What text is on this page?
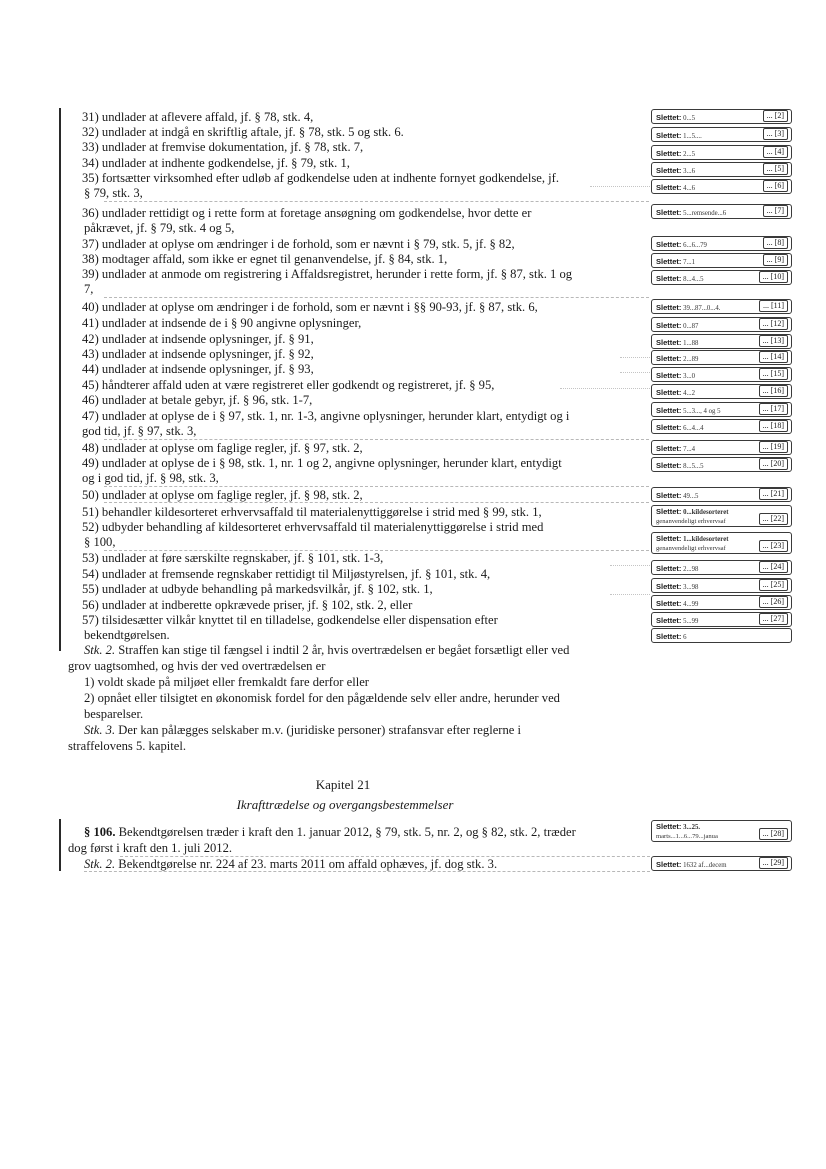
31) undlader at aflevere affald, jf. § 78, stk. 4,
32) undlader at indgå en skriftlig aftale, jf. § 78, stk. 5 og stk. 6.
33) undlader at fremvise dokumentation, jf. § 78, stk. 7,
34) undlader at indhente godkendelse, jf. § 79, stk. 1,
35) fortsætter virksomhed efter udløb af godkendelse uden at indhente fornyet godkendelse, jf.
§ 79, stk. 3,
36) undlader rettidigt og i rette form at foretage ansøgning om godkendelse, hvor dette er
påkrævet, jf. § 79, stk. 4 og 5,
37) undlader at oplyse om ændringer i de forhold, som er nævnt i § 79, stk. 5, jf. § 82,
38) modtager affald, som ikke er egnet til genanvendelse, jf. § 84, stk. 1,
39) undlader at anmode om registrering i Affaldsregistret, herunder i rette form, jf. § 87, stk. 1 og
7,
40) undlader at oplyse om ændringer i de forhold, som er nævnt i §§ 90-93, jf. § 87, stk. 6,
41) undlader at indsende de i § 90 angivne oplysninger,
42) undlader at indsende oplysninger, jf. § 91,
43) undlader at indsende oplysninger, jf. § 92,
44) undlader at indsende oplysninger, jf. § 93,
45) håndterer affald uden at være registreret eller godkendt og registreret, jf. § 95,
46) undlader at betale gebyr, jf. § 96, stk. 1-7,
47) undlader at oplyse de i § 97, stk. 1, nr. 1-3, angivne oplysninger, herunder klart, entydigt og i
god tid, jf. § 97, stk. 3,
48) undlader at oplyse om faglige regler, jf. § 97, stk. 2,
49) undlader at oplyse de i § 98, stk. 1, nr. 1 og 2, angivne oplysninger, herunder klart, entydigt
og i god tid, jf. § 98, stk. 3,
50) undlader at oplyse om faglige regler, jf. § 98, stk. 2,
51) behandler kildesorteret erhvervsaffald til materialenyttiggørelse i strid med § 99, stk. 1,
52) udbyder behandling af kildesorteret erhvervsaffald til materialenyttiggørelse i strid med
§ 100,
53) undlader at føre særskilte regnskaber, jf. § 101, stk. 1-3,
54) undlader at fremsende regnskaber rettidigt til Miljøstyrelsen, jf. § 101, stk. 4,
55) undlader at udbyde behandling på markedsvilkår, jf. § 102, stk. 1,
56) undlader at indberette opkrævede priser, jf. § 102, stk. 2, eller
57) tilsidesætter vilkår knyttet til en tilladelse, godkendelse eller dispensation efter
bekendtgørelsen.
Stk. 2. Straffen kan stige til fængsel i indtil 2 år, hvis overtrædelsen er begået forsætligt eller ved
grov uagtsomhed, og hvis der ved overtrædelsen er
1) voldt skade på miljøet eller fremkaldt fare derfor eller
2) opnået eller tilsigtet en økonomisk fordel for den pågældende selv eller andre, herunder ved
besparelser.
Stk. 3. Der kan pålægges selskaber m.v. (juridiske personer) strafansvar efter reglerne i
straffelovens 5. kapitel.
Kapitel 21
Ikrafttrædelse og overgangsbestemmelser
§ 106. Bekendtgørelsen træder i kraft den 1. januar 2012, § 79, stk. 5, nr. 2, og § 82, stk. 2, træder
dog først i kraft den 1. juli 2012.
Stk. 2. Bekendtgørelse nr. 224 af 23. marts 2011 om affald ophæves, jf. dog stk. 3.
Slettet: 0...5	... [2]
Slettet: 1...5....	... [3]
Slettet: 2...5	... [4]
Slettet: 3...6	... [5]
Slettet: 4...6	... [6]
Slettet: 5...remsende...6	... [7]
Slettet: 6...6...79	... [8]
Slettet: 7...1	... [9]
Slettet: 8...4...5	... [10]
Slettet: 39...87...0...4.	... [11]
Slettet: 0...87	... [12]
Slettet: 1...88	... [13]
Slettet: 2...89	... [14]
Slettet: 3...0	... [15]
Slettet: 4...2	... [16]
Slettet: 5...3..., 4 og 5	... [17]
Slettet: 6...4...4	... [18]
Slettet: 7...4	... [19]
Slettet: 8...5...5	... [20]
Slettet: 49...5	... [21]
Slettet: 0...kildesorteret
genanvendeligt erhvervsaf	... [22]
Slettet: 1...kildesorteret
genanvendeligt erhvervsaf	... [23]
Slettet: 2...98	... [24]
Slettet: 3...98	... [25]
Slettet: 4...99	... [26]
Slettet: 5...99	... [27]
Slettet: 6
Slettet: 3...25.
marts...1...6...79...janua	... [28]
Slettet: 1632 af...decem	... [29]
